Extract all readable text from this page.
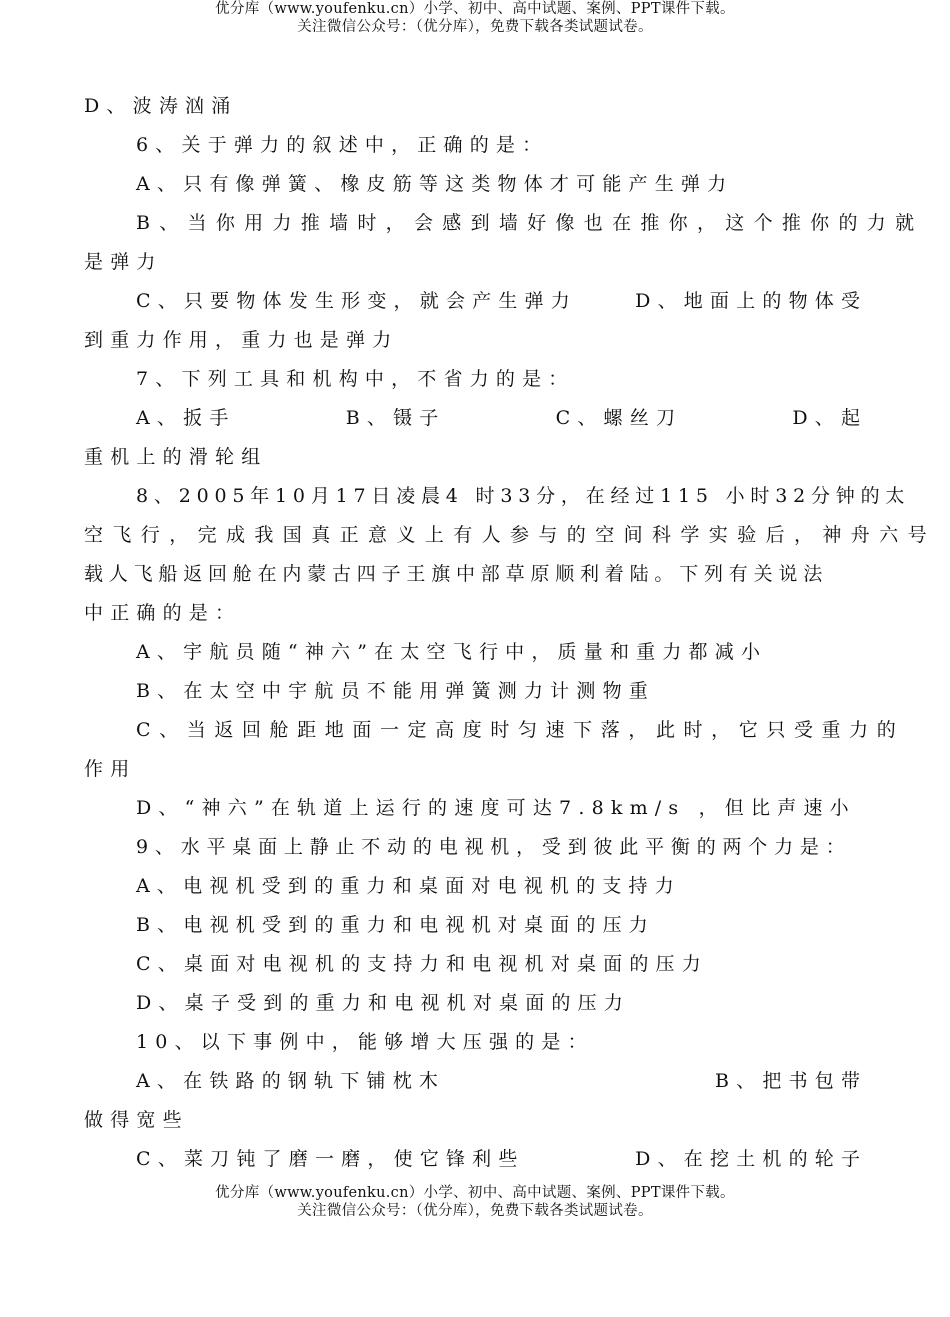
优分库（www.youfenku.cn）小学、初中、高中试题、案例、PPT课件下载。
关注微信公众号：（优分库），免费下载各类试题试卷。
D、波涛汹涌
6、关于弹力的叙述中，正确的是：
A、只有像弹簧、橡皮筋等这类物体才可能产生弹力
B、当你用力推墙时，会感到墙好像也在推你，这个推你的力就
是弹力
C、只要物体发生形变，就会产生弹力	D、地面上的物体受
到重力作用，重力也是弹力
7、下列工具和机构中，不省力的是：
A、扳手	B、镊子	C、螺丝刀	D、起
重机上的滑轮组
8、2005年10月17日凌晨4 时33分，在经过115 小时32分钟的太
空飞行，完成我国真正意义上有人参与的空间科学实验后，神舟六号
载人飞船返回舱在内蒙古四子王旗中部草原顺利着陆。下列有关说法
中正确的是：
A、宇航员随“神六”在太空飞行中，质量和重力都减小
B、在太空中宇航员不能用弹簧测力计测物重
C、当返回舱距地面一定高度时匀速下落，此时，它只受重力的
作用
D、“神六”在轨道上运行的速度可达7.8km/s ，但比声速小
9、水平桌面上静止不动的电视机，受到彼此平衡的两个力是：
A、电视机受到的重力和桌面对电视机的支持力
B、电视机受到的重力和电视机对桌面的压力
C、桌面对电视机的支持力和电视机对桌面的压力
D、桌子受到的重力和电视机对桌面的压力
10、以下事例中，能够增大压强的是：
A、在铁路的钢轨下铺枕木	B、把书包带
做得宽些
C、菜刀钝了磨一磨，使它锋利些	D、在挖土机的轮子
优分库（www.youfenku.cn）小学、初中、高中试题、案例、PPT课件下载。
关注微信公众号：（优分库），免费下载各类试题试卷。
